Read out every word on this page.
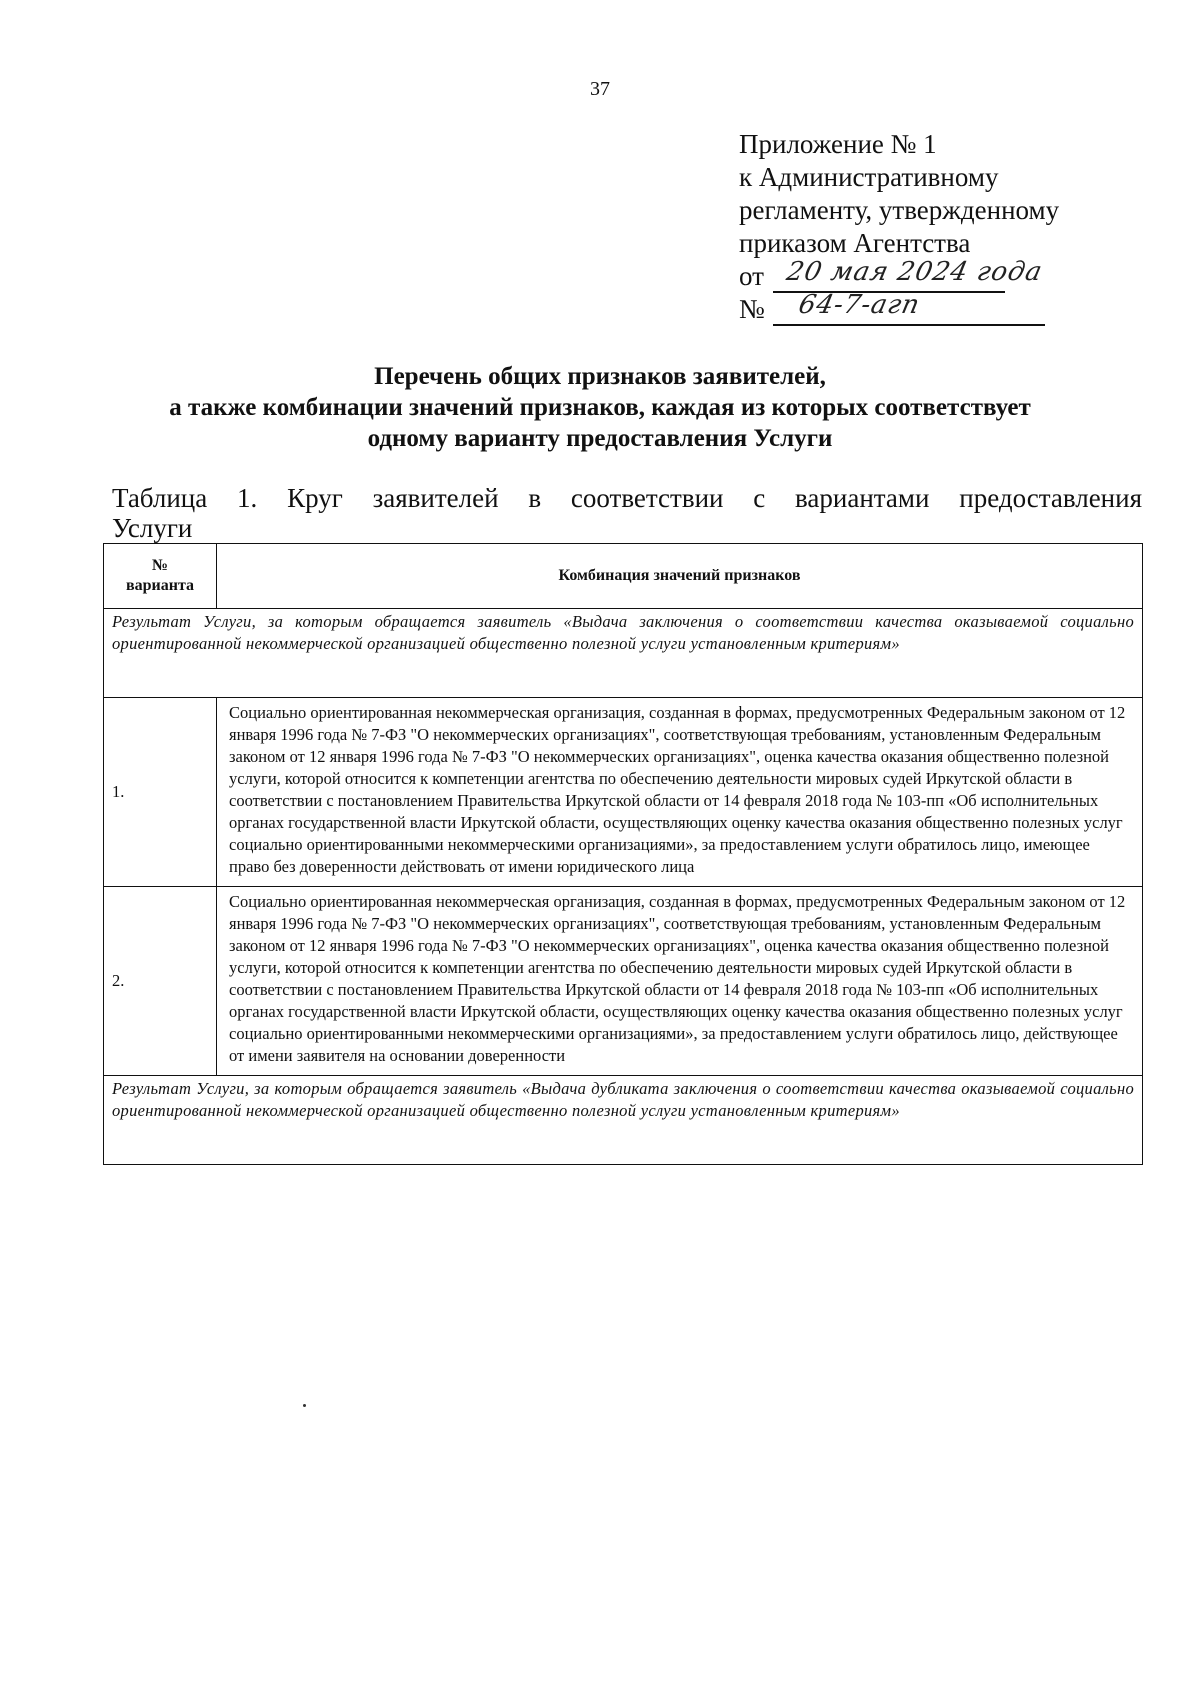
37
Приложение № 1
к Административному
регламенту, утвержденному
приказом Агентства
от 20 мая 2024 года
№ 64-7-агп
Перечень общих признаков заявителей,
а также комбинации значений признаков, каждая из которых соответствует
одному варианту предоставления Услуги
Таблица 1. Круг заявителей в соответствии с вариантами предоставления
Услуги
№
варианта	Комбинация значений признаков
Результат Услуги, за которым обращается заявитель «Выдача заключения о соответствии качества оказываемой социально ориентированной некоммерческой организацией общественно полезной услуги установленным критериям»	
1.	Социально ориентированная некоммерческая организация, созданная в формах, предусмотренных Федеральным законом от 12 января 1996 года № 7-ФЗ "О некоммерческих организациях", соответствующая требованиям, установленным Федеральным законом от 12 января 1996 года № 7-ФЗ "О некоммерческих организациях", оценка качества оказания общественно полезной услуги, которой относится к компетенции агентства по обеспечению деятельности мировых судей Иркутской области в соответствии с постановлением Правительства Иркутской области от 14 февраля 2018 года № 103-пп «Об исполнительных органах государственной власти Иркутской области, осуществляющих оценку качества оказания общественно полезных услуг социально ориентированными некоммерческими организациями», за предоставлением услуги обратилось лицо, имеющее право без доверенности действовать от имени юридического лица
2.	Социально ориентированная некоммерческая организация, созданная в формах, предусмотренных Федеральным законом от 12 января 1996 года № 7-ФЗ "О некоммерческих организациях", соответствующая требованиям, установленным Федеральным законом от 12 января 1996 года № 7-ФЗ "О некоммерческих организациях", оценка качества оказания общественно полезной услуги, которой относится к компетенции агентства по обеспечению деятельности мировых судей Иркутской области в соответствии с постановлением Правительства Иркутской области от 14 февраля 2018 года № 103-пп «Об исполнительных органах государственной власти Иркутской области, осуществляющих оценку качества оказания общественно полезных услуг социально ориентированными некоммерческими организациями», за предоставлением услуги обратилось лицо, действующее от имени заявителя на основании доверенности
Результат Услуги, за которым обращается заявитель «Выдача дубликата заключения о соответствии качества оказываемой социально ориентированной некоммерческой организацией общественно полезной услуги установленным критериям»	
